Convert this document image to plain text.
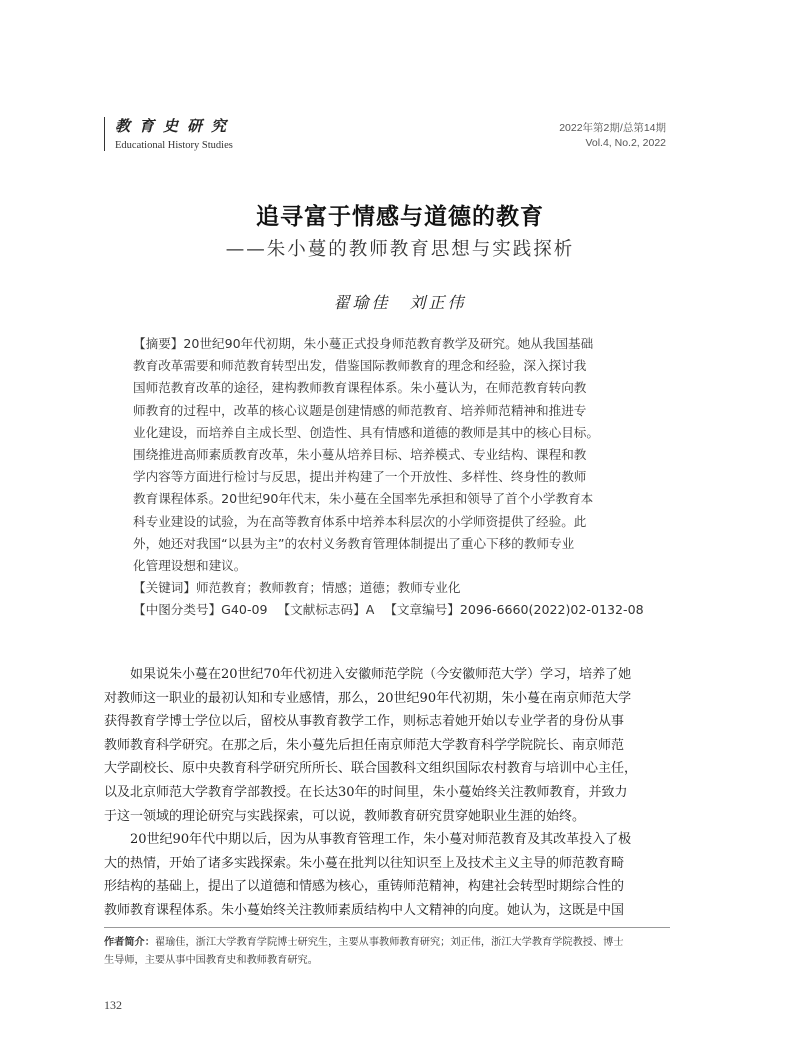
教育史研究
Educational History Studies
2022年第2期/总第14期
Vol.4, No.2, 2022
追寻富于情感与道德的教育
——朱小蔓的教师教育思想与实践探析
翟瑜佳　刘正伟
【摘要】20世纪90年代初期，朱小蔓正式投身师范教育教学及研究。她从我国基础
教育改革需要和师范教育转型出发，借鉴国际教师教育的理念和经验，深入探讨我
国师范教育改革的途径，建构教师教育课程体系。朱小蔓认为，在师范教育转向教
师教育的过程中，改革的核心议题是创建情感的师范教育、培养师范精神和推进专
业化建设，而培养自主成长型、创造性、具有情感和道德的教师是其中的核心目标。
围绕推进高师素质教育改革，朱小蔓从培养目标、培养模式、专业结构、课程和教
学内容等方面进行检讨与反思，提出并构建了一个开放性、多样性、终身性的教师
教育课程体系。20世纪90年代末，朱小蔓在全国率先承担和领导了首个小学教育本
科专业建设的试验，为在高等教育体系中培养本科层次的小学师资提供了经验。此
外，她还对我国“以县为主”的农村义务教育管理体制提出了重心下移的教师专业
化管理设想和建议。
【关键词】师范教育；教师教育；情感；道德；教师专业化
【中图分类号】G40-09 【文献标志码】A 【文章编号】2096-6660(2022)02-0132-08
　　如果说朱小蔓在20世纪70年代初进入安徽师范学院（今安徽师范大学）学习，培养了她
对教师这一职业的最初认知和专业感情，那么，20世纪90年代初期，朱小蔓在南京师范大学
获得教育学博士学位以后，留校从事教育教学工作，则标志着她开始以专业学者的身份从事
教师教育科学研究。在那之后，朱小蔓先后担任南京师范大学教育科学学院院长、南京师范
大学副校长、原中央教育科学研究所所长、联合国教科文组织国际农村教育与培训中心主任，
以及北京师范大学教育学部教授。在长达30年的时间里，朱小蔓始终关注教师教育，并致力
于这一领域的理论研究与实践探索，可以说，教师教育研究贯穿她职业生涯的始终。
　　20世纪90年代中期以后，因为从事教育管理工作，朱小蔓对师范教育及其改革投入了极
大的热情，开始了诸多实践探索。朱小蔓在批判以往知识至上及技术主义主导的师范教育畸
形结构的基础上，提出了以道德和情感为核心，重铸师范精神，构建社会转型时期综合性的
教师教育课程体系。朱小蔓始终关注教师素质结构中人文精神的向度。她认为，这既是中国
作者简介：翟瑜佳，浙江大学教育学院博士研究生，主要从事教师教育研究；刘正伟，浙江大学教育学院教授、博士
生导师，主要从事中国教育史和教师教育研究。
132
